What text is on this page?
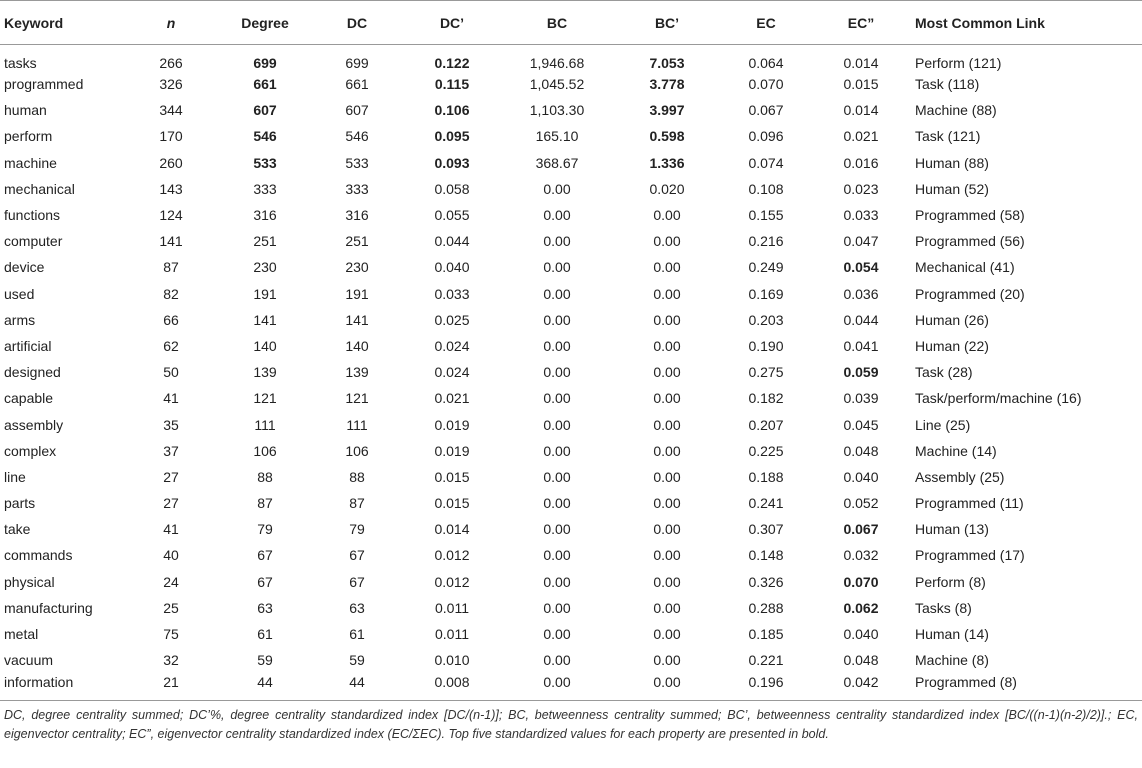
Keyword	n	Degree	DC	DC’	BC	BC’	EC	EC”	Most Common Link
tasks	266	699	699	0.122	1,946.68	7.053	0.064	0.014	Perform (121)
programmed	326	661	661	0.115	1,045.52	3.778	0.070	0.015	Task (118)
human	344	607	607	0.106	1,103.30	3.997	0.067	0.014	Machine (88)
perform	170	546	546	0.095	165.10	0.598	0.096	0.021	Task (121)
machine	260	533	533	0.093	368.67	1.336	0.074	0.016	Human (88)
mechanical	143	333	333	0.058	0.00	0.020	0.108	0.023	Human (52)
functions	124	316	316	0.055	0.00	0.00	0.155	0.033	Programmed (58)
computer	141	251	251	0.044	0.00	0.00	0.216	0.047	Programmed (56)
device	87	230	230	0.040	0.00	0.00	0.249	0.054	Mechanical (41)
used	82	191	191	0.033	0.00	0.00	0.169	0.036	Programmed (20)
arms	66	141	141	0.025	0.00	0.00	0.203	0.044	Human (26)
artificial	62	140	140	0.024	0.00	0.00	0.190	0.041	Human (22)
designed	50	139	139	0.024	0.00	0.00	0.275	0.059	Task (28)
capable	41	121	121	0.021	0.00	0.00	0.182	0.039	Task/perform/machine (16)
assembly	35	111	111	0.019	0.00	0.00	0.207	0.045	Line (25)
complex	37	106	106	0.019	0.00	0.00	0.225	0.048	Machine (14)
line	27	88	88	0.015	0.00	0.00	0.188	0.040	Assembly (25)
parts	27	87	87	0.015	0.00	0.00	0.241	0.052	Programmed (11)
take	41	79	79	0.014	0.00	0.00	0.307	0.067	Human (13)
commands	40	67	67	0.012	0.00	0.00	0.148	0.032	Programmed (17)
physical	24	67	67	0.012	0.00	0.00	0.326	0.070	Perform (8)
manufacturing	25	63	63	0.011	0.00	0.00	0.288	0.062	Tasks (8)
metal	75	61	61	0.011	0.00	0.00	0.185	0.040	Human (14)
vacuum	32	59	59	0.010	0.00	0.00	0.221	0.048	Machine (8)
information	21	44	44	0.008	0.00	0.00	0.196	0.042	Programmed (8)
DC, degree centrality summed; DC’%, degree centrality standardized index [DC/(n-1)]; BC, betweenness centrality summed; BC’, betweenness centrality standardized index [BC/((n-1)(n-2)/2)].; EC, eigenvector centrality; EC”, eigenvector centrality standardized index (EC/ΣEC). Top five standardized values for each property are presented in bold.
